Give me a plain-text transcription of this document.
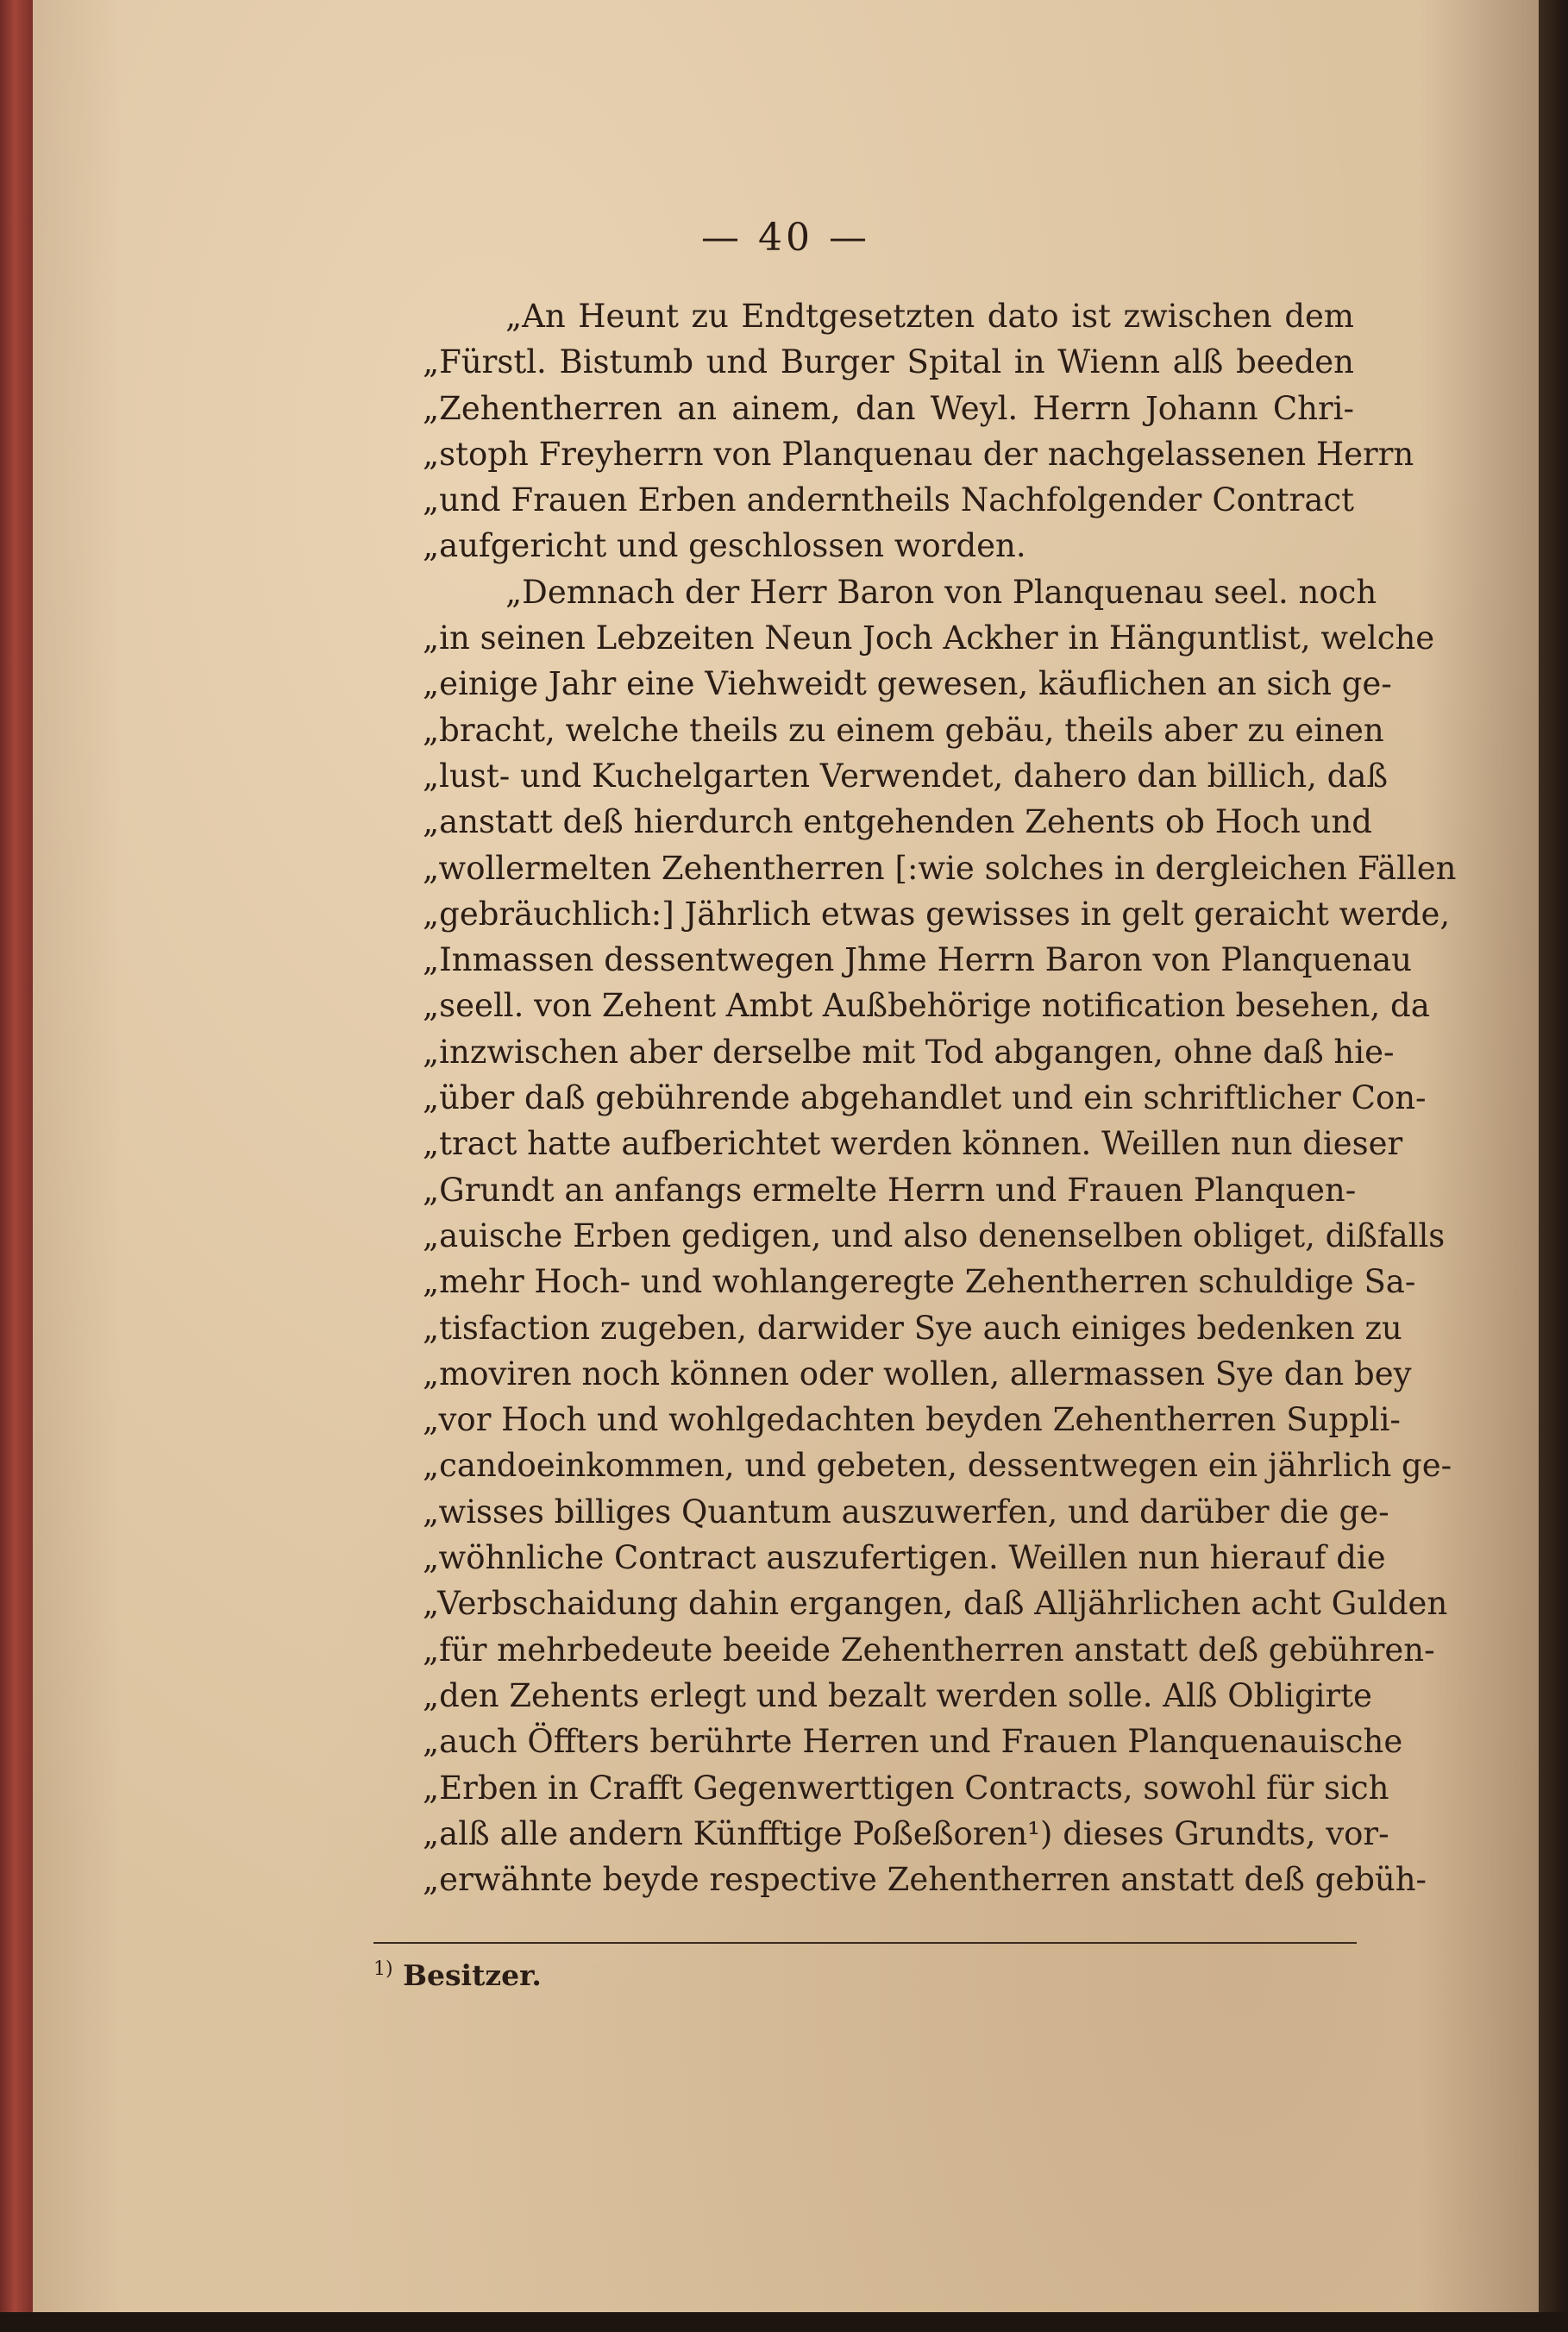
— 40 —
„An Heunt zu Endtgesetzten dato ist zwischen dem
„Fürstl. Bistumb und Burger Spital in Wienn alß beeden
„Zehentherren an ainem, dan Weyl. Herrn Johann Chri-
„stoph Freyherrn von Planquenau der nachgelassenen Herrn
„und Frauen Erben anderntheils Nachfolgender Contract
„aufgericht und geschlossen worden.
„Demnach der Herr Baron von Planquenau seel. noch
„in seinen Lebzeiten Neun Joch Ackher in Hänguntlist, welche
„einige Jahr eine Viehweidt gewesen, käuflichen an sich ge-
„bracht, welche theils zu einem gebäu, theils aber zu einen
„lust- und Kuchelgarten Verwendet, dahero dan billich, daß
„anstatt deß hierdurch entgehenden Zehents ob Hoch und
„wollermelten Zehentherren [:wie solches in dergleichen Fällen
„gebräuchlich:] Jährlich etwas gewisses in gelt geraicht werde,
„Inmassen dessentwegen Jhme Herrn Baron von Planquenau
„seell. von Zehent Ambt Außbehörige notification besehen, da
„inzwischen aber derselbe mit Tod abgangen, ohne daß hie-
„über daß gebührende abgehandlet und ein schriftlicher Con-
„tract hatte aufberichtet werden können. Weillen nun dieser
„Grundt an anfangs ermelte Herrn und Frauen Planquen-
„auische Erben gedigen, und also denenselben obliget, dißfalls
„mehr Hoch- und wohlangeregte Zehentherren schuldige Sa-
„tisfaction zugeben, darwider Sye auch einiges bedenken zu
„moviren noch können oder wollen, allermassen Sye dan bey
„vor Hoch und wohlgedachten beyden Zehentherren Suppli-
„candoeinkommen, und gebeten, dessentwegen ein jährlich ge-
„wisses billiges Quantum auszuwerfen, und darüber die ge-
„wöhnliche Contract auszufertigen. Weillen nun hierauf die
„Verbschaidung dahin ergangen, daß Alljährlichen acht Gulden
„für mehrbedeute beeide Zehentherren anstatt deß gebühren-
„den Zehents erlegt und bezalt werden solle. Alß Obligirte
„auch Öffters berührte Herren und Frauen Planquenauische
„Erben in Crafft Gegenwerttigen Contracts, sowohl für sich
„alß alle andern Künfftige Poßeßoren¹) dieses Grundts, vor-
„erwähnte beyde respective Zehentherren anstatt deß gebüh-
$^{1)}$ Besitzer.
